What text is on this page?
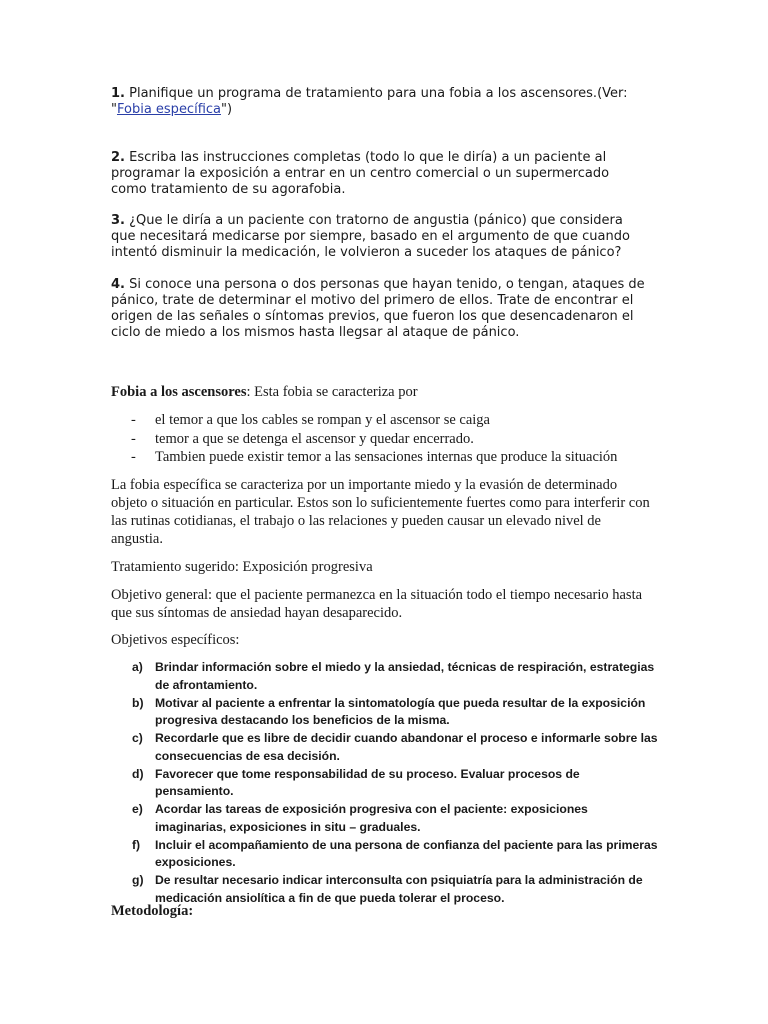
1. Planifique un programa de tratamiento para una fobia a los ascensores.(Ver:
"Fobia específica")

2. Escriba las instrucciones completas (todo lo que le diría) a un paciente al programar la exposición a entrar en un centro comercial o un supermercado como tratamiento de su agorafobia.

3. ¿Que le diría a un paciente con tratorno de angustia (pánico) que considera que necesitará medicarse por siempre, basado en el argumento de que cuando intentó disminuir la medicación, le volvieron a suceder los ataques de pánico?

4. Si conoce una persona o dos personas que hayan tenido, o tengan, ataques de pánico, trate de determinar el motivo del primero de ellos. Trate de encontrar el origen de las señales o síntomas previos, que fueron los que desencadenaron el ciclo de miedo a los mismos hasta llegsar al ataque de pánico.

Fobia a los ascensores: Esta fobia se caracteriza por
- el temor a que los cables se rompan y el ascensor se caiga
- temor a que se detenga el ascensor y quedar encerrado.
- Tambien puede existir temor a las sensaciones internas que produce la situación
La fobia específica se caracteriza por un importante miedo y la evasión de determinado objeto o situación en particular. Estos son lo suficientemente fuertes como para interferir con las rutinas cotidianas, el trabajo o las relaciones y pueden causar un elevado nivel de angustia.
Tratamiento sugerido: Exposición progresiva
Objetivo general: que el paciente permanezca en la situación todo el tiempo necesario hasta que sus síntomas de ansiedad hayan desaparecido.
Objetivos específicos:
a) Brindar información sobre el miedo y la ansiedad, técnicas de respiración, estrategias de afrontamiento.
b) Motivar al paciente a enfrentar la sintomatología que pueda resultar de la exposición progresiva destacando los beneficios de la misma.
c) Recordarle que es libre de decidir cuando abandonar el proceso e informarle sobre las consecuencias de esa decisión.
d) Favorecer que tome responsabilidad de su proceso. Evaluar procesos de pensamiento.
e) Acordar las tareas de exposición progresiva con el paciente: exposiciones imaginarias, exposiciones in situ – graduales.
f) Incluir el acompañamiento de una persona de confianza del paciente para las primeras exposiciones.
g) De resultar necesario indicar interconsulta con psiquiatría para la administración de medicación ansiolítica a fin de que pueda tolerar el proceso.
Metodología:
